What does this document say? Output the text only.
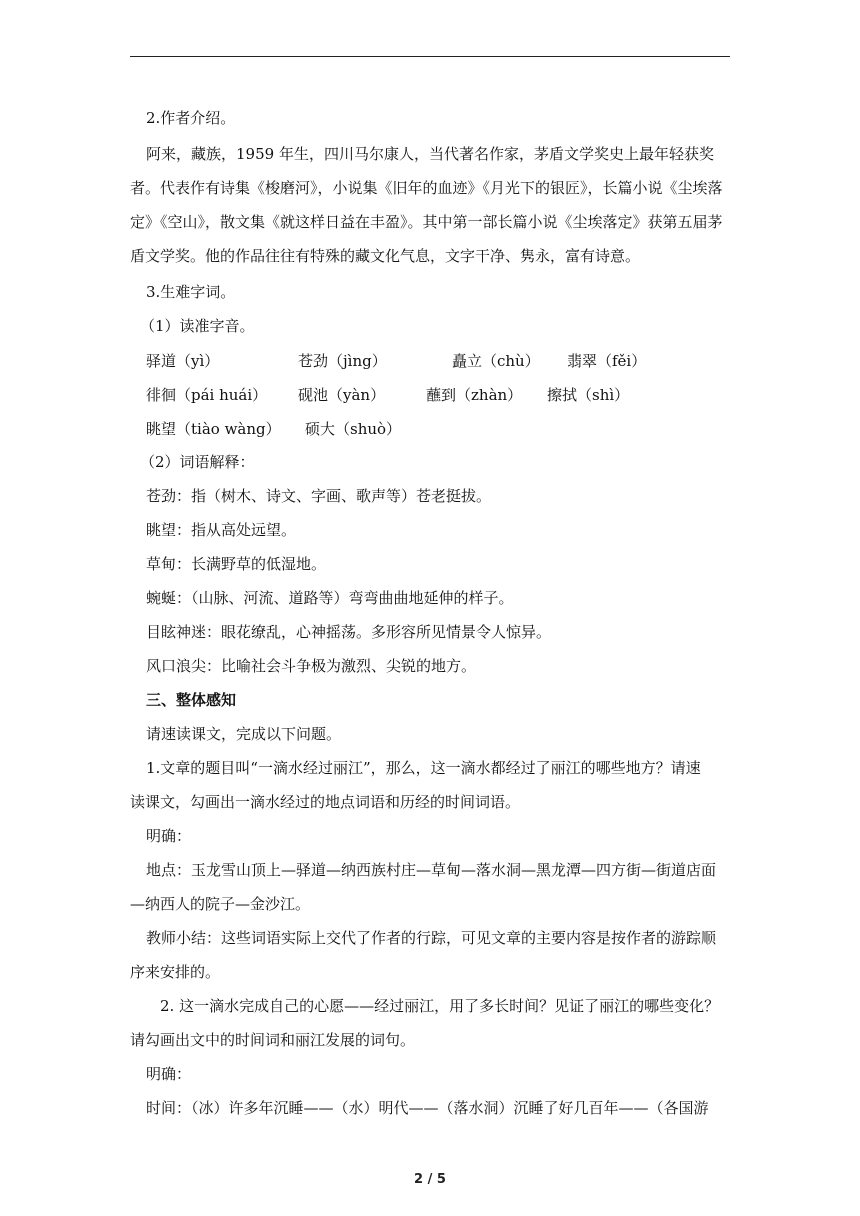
2.作者介绍。
阿来，藏族，1959 年生，四川马尔康人，当代著名作家，茅盾文学奖史上最年轻获奖
者。代表作有诗集《梭磨河》，小说集《旧年的血迹》《月光下的银匠》，长篇小说《尘埃落
定》《空山》，散文集《就这样日益在丰盈》。其中第一部长篇小说《尘埃落定》获第五届茅
盾文学奖。他的作品往往有特殊的藏文化气息，文字干净、隽永，富有诗意。
3.生难字词。
（1）读准字音。
驿道（yì）	苍劲（jìng）	矗立（chù） 翡翠（fěi）
徘徊（pái huái） 砚池（yàn）	蘸到（zhàn） 擦拭（shì）
眺望（tiào wàng） 硕大（shuò）
（2）词语解释：
苍劲：指（树木、诗文、字画、歌声等）苍老挺拔。
眺望：指从高处远望。
草甸：长满野草的低湿地。
蜿蜒：（山脉、河流、道路等）弯弯曲曲地延伸的样子。
目眩神迷：眼花缭乱，心神摇荡。多形容所见情景令人惊异。
风口浪尖：比喻社会斗争极为激烈、尖锐的地方。
三、整体感知
请速读课文，完成以下问题。
1.文章的题目叫“一滴水经过丽江”，那么，这一滴水都经过了丽江的哪些地方？请速
读课文，勾画出一滴水经过的地点词语和历经的时间词语。
明确：
地点：玉龙雪山顶上—驿道—纳西族村庄—草甸—落水洞—黑龙潭—四方街—街道店面
—纳西人的院子—金沙江。
教师小结：这些词语实际上交代了作者的行踪，可见文章的主要内容是按作者的游踪顺
序来安排的。
2. 这一滴水完成自己的心愿——经过丽江，用了多长时间？见证了丽江的哪些变化？
请勾画出文中的时间词和丽江发展的词句。
明确：
时间：（冰）许多年沉睡——（水）明代——（落水洞）沉睡了好几百年——（各国游
2 / 5
